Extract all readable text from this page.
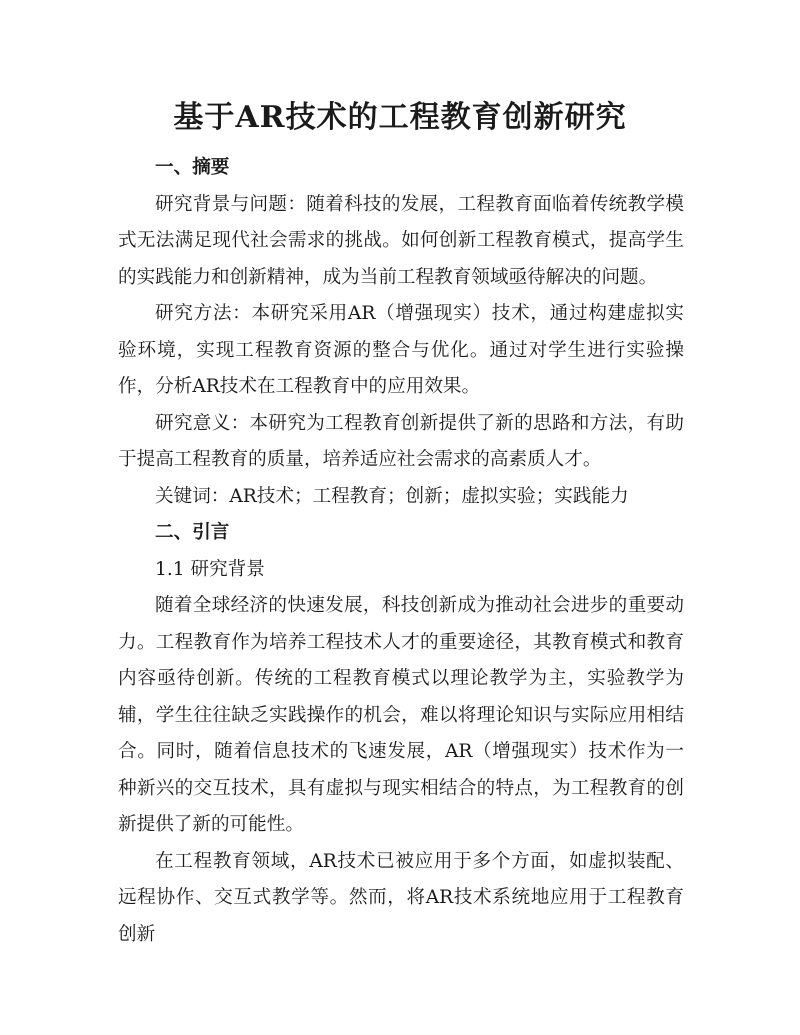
基于AR技术的工程教育创新研究

一、摘要

研究背景与问题：随着科技的发展，工程教育面临着传统教学模式无法满足现代社会需求的挑战。如何创新工程教育模式，提高学生的实践能力和创新精神，成为当前工程教育领域亟待解决的问题。

研究方法：本研究采用AR（增强现实）技术，通过构建虚拟实验环境，实现工程教育资源的整合与优化。通过对学生进行实验操作，分析AR技术在工程教育中的应用效果。

研究意义：本研究为工程教育创新提供了新的思路和方法，有助于提高工程教育的质量，培养适应社会需求的高素质人才。

关键词：AR技术；工程教育；创新；虚拟实验；实践能力

二、引言

1.1 研究背景

随着全球经济的快速发展，科技创新成为推动社会进步的重要动力。工程教育作为培养工程技术人才的重要途径，其教育模式和教育内容亟待创新。传统的工程教育模式以理论教学为主，实验教学为辅，学生往往缺乏实践操作的机会，难以将理论知识与实际应用相结合。同时，随着信息技术的飞速发展，AR（增强现实）技术作为一种新兴的交互技术，具有虚拟与现实相结合的特点，为工程教育的创新提供了新的可能性。

在工程教育领域，AR技术已被应用于多个方面，如虚拟装配、远程协作、交互式教学等。然而，将AR技术系统地应用于工程教育创新
